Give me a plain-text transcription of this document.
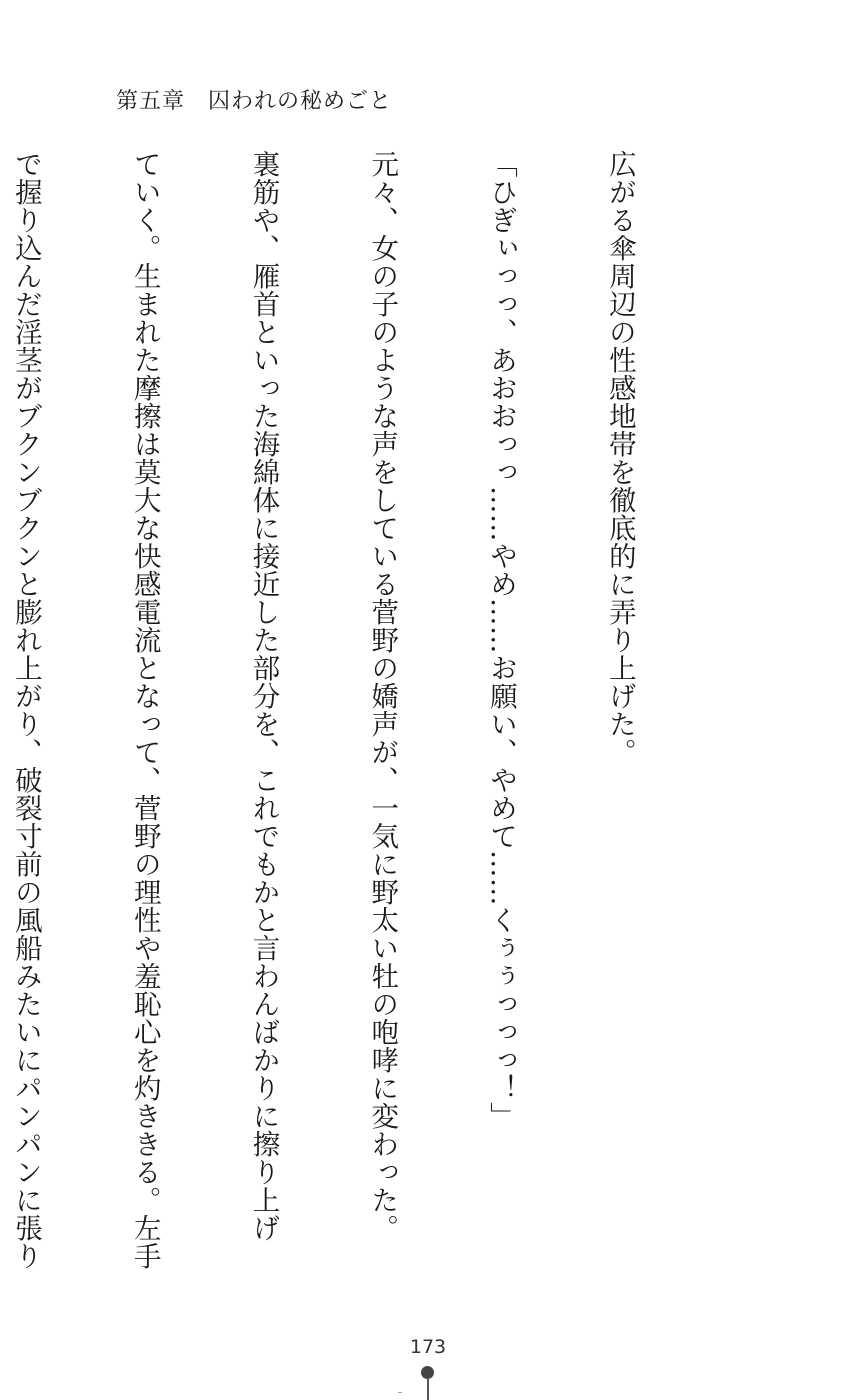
第五章　囚われの秘めごと

広がる傘周辺の性感地帯を徹底的に弄り上げた。

「ひぎぃっっ、あおおっっ……やめ……お願い、やめて……くぅぅっっっ！」

元々、女の子のような声をしている菅野の嬌声が、一気に野太い牡の咆哮に変わった。

裏筋や、雁首といった海綿体に接近した部分を、これでもかと言わんばかりに擦り上げ

ていく。生まれた摩擦は莫大な快感電流となって、菅野の理性や羞恥心を灼ききる。左手

で握り込んだ淫茎がブクンブクンと膨れ上がり、破裂寸前の風船みたいにパンパンに張り

173
